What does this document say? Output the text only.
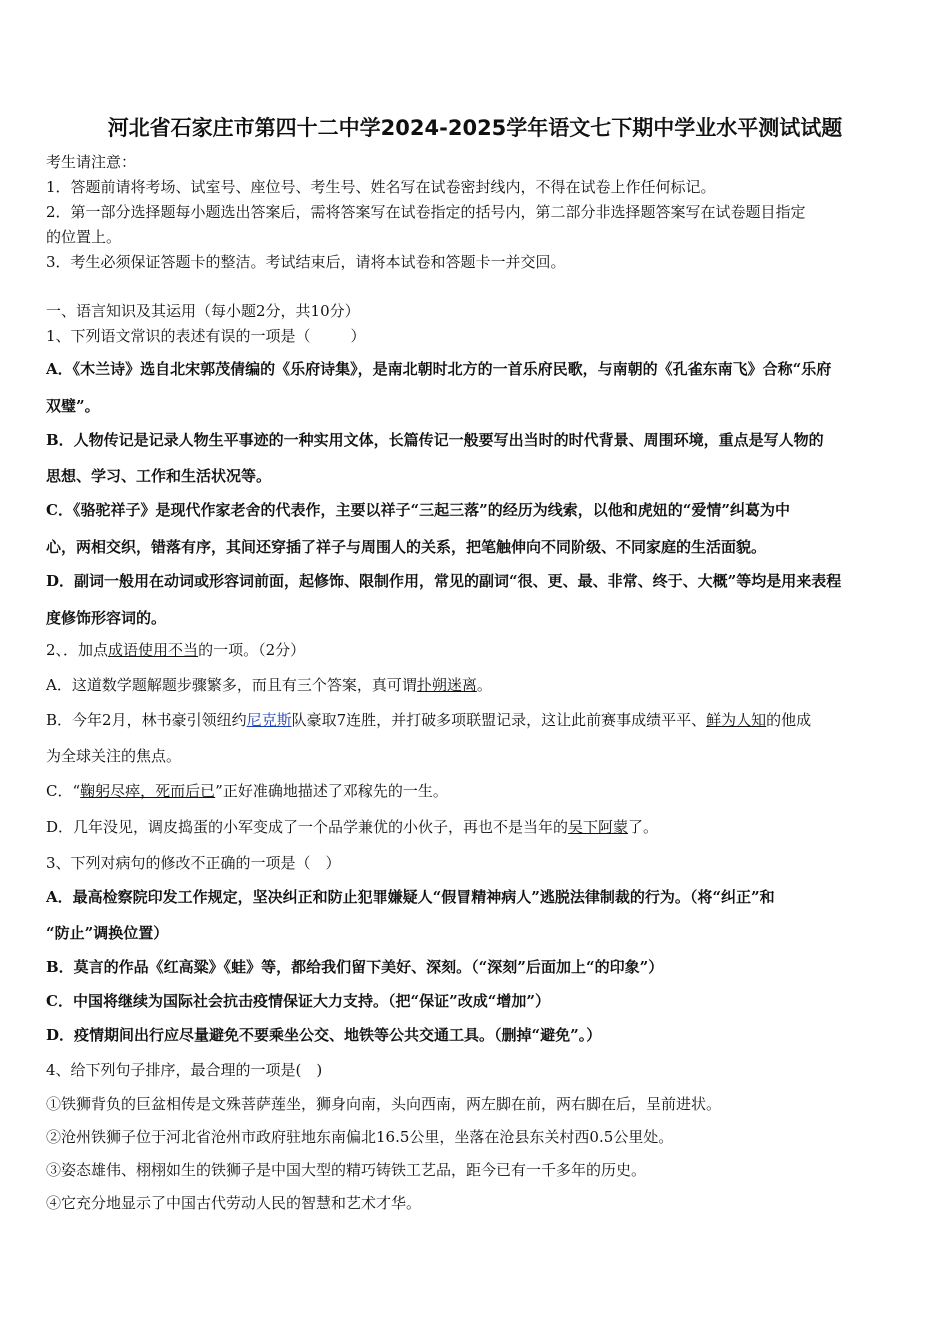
河北省石家庄市第四十二中学2024-2025学年语文七下期中学业水平测试试题
考生请注意：
1．答题前请将考场、试室号、座位号、考生号、姓名写在试卷密封线内，不得在试卷上作任何标记。
2．第一部分选择题每小题选出答案后，需将答案写在试卷指定的括号内，第二部分非选择题答案写在试卷题目指定
的位置上。
3．考生必须保证答题卡的整洁。考试结束后，请将本试卷和答题卡一并交回。
一、语言知识及其运用（每小题2分，共10分）
1、下列语文常识的表述有误的一项是（	）
A．《木兰诗》选自北宋郭茂倩编的《乐府诗集》，是南北朝时北方的一首乐府民歌，与南朝的《孔雀东南飞》合称“乐府
双璧”。
B．人物传记是记录人物生平事迹的一种实用文体，长篇传记一般要写出当时的时代背景、周围环境，重点是写人物的
思想、学习、工作和生活状况等。
C．《骆驼祥子》是现代作家老舍的代表作，主要以祥子“三起三落”的经历为线索，以他和虎妞的“爱情”纠葛为中
心，两相交织，错落有序，其间还穿插了祥子与周围人的关系，把笔触伸向不同阶级、不同家庭的生活面貌。
D．副词一般用在动词或形容词前面，起修饰、限制作用，常见的副词“很、更、最、非常、终于、大概”等均是用来表程
度修饰形容词的。
2、．加点成语使用不当的一项。（2分）
A．这道数学题解题步骤繁多，而且有三个答案，真可谓扑朔迷离。
B．今年2月，林书豪引领纽约尼克斯队豪取7连胜，并打破多项联盟记录，这让此前赛事成绩平平、鲜为人知的他成
为全球关注的焦点。
C．“鞠躬尽瘁，死而后已”正好准确地描述了邓稼先的一生。
D．几年没见，调皮捣蛋的小军变成了一个品学兼优的小伙子，再也不是当年的吴下阿蒙了。
3、下列对病句的修改不正确的一项是（ ）
A．最高检察院印发工作规定，坚决纠正和防止犯罪嫌疑人“假冒精神病人”逃脱法律制裁的行为。（将“纠正”和
“防止”调换位置）
B．莫言的作品《红高粱》《蛙》等，都给我们留下美好、深刻。（“深刻”后面加上“的印象”）
C．中国将继续为国际社会抗击疫情保证大力支持。（把“保证”改成“增加”）
D．疫情期间出行应尽量避免不要乘坐公交、地铁等公共交通工具。（删掉“避免”。）
4、给下列句子排序，最合理的一项是( )
①铁狮背负的巨盆相传是文殊菩萨莲坐，狮身向南，头向西南，两左脚在前，两右脚在后，呈前进状。
②沧州铁狮子位于河北省沧州市政府驻地东南偏北16.5公里，坐落在沧县东关村西0.5公里处。
③姿态雄伟、栩栩如生的铁狮子是中国大型的精巧铸铁工艺品，距今已有一千多年的历史。
④它充分地显示了中国古代劳动人民的智慧和艺术才华。
